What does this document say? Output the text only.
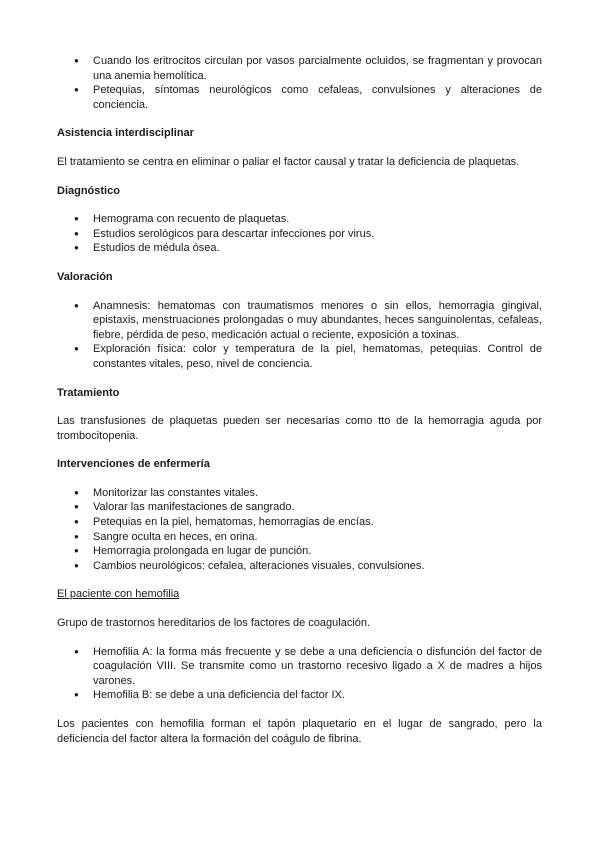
● Cuando los eritrocitos circulan por vasos parcialmente ocluidos, se fragmentan y provocan una anemia hemolítica.
● Petequias, síntomas neurológicos como cefaleas, convulsiones y alteraciones de conciencia.
Asistencia interdisciplinar

El tratamiento se centra en eliminar o paliar el factor causal y tratar la deficiencia de plaquetas.

Diagnóstico
● Hemograma con recuento de plaquetas.
● Estudios serológicos para descartar infecciones por virus.
● Estudios de médula ósea.
Valoración
● Anamnesis: hematomas con traumatismos menores o sin ellos, hemorragia gingival, epistaxis, menstruaciones prolongadas o muy abundantes, heces sanguinolentas, cefaleas, fiebre, pérdida de peso, medicación actual o reciente, exposición a toxinas.
● Exploración física: color y temperatura de la piel, hematomas, petequias. Control de constantes vitales, peso, nivel de conciencia.
Tratamiento

Las transfusiones de plaquetas pueden ser necesarias como tto de la hemorragia aguda por trombocitopenia.

Intervenciones de enfermería
● Monitorizar las constantes vitales.
● Valorar las manifestaciones de sangrado.
● Petequias en la piel, hematomas, hemorragias de encías.
● Sangre oculta en heces, en orina.
● Hemorragia prolongada en lugar de punción.
● Cambios neurológicos: cefalea, alteraciones visuales, convulsiones.

El paciente con hemofilia

Grupo de trastornos hereditarios de los factores de coagulación.

● Hemofilia A: la forma más frecuente y se debe a una deficiencia o disfunción del factor de coagulación VIII. Se transmite como un trastorno recesivo ligado a X de madres a hijos varones.
● Hemofilia B: se debe a una deficiencia del factor IX.

Los pacientes con hemofilia forman el tapón plaquetario en el lugar de sangrado, pero la deficiencia del factor altera la formación del coágulo de fibrina.
